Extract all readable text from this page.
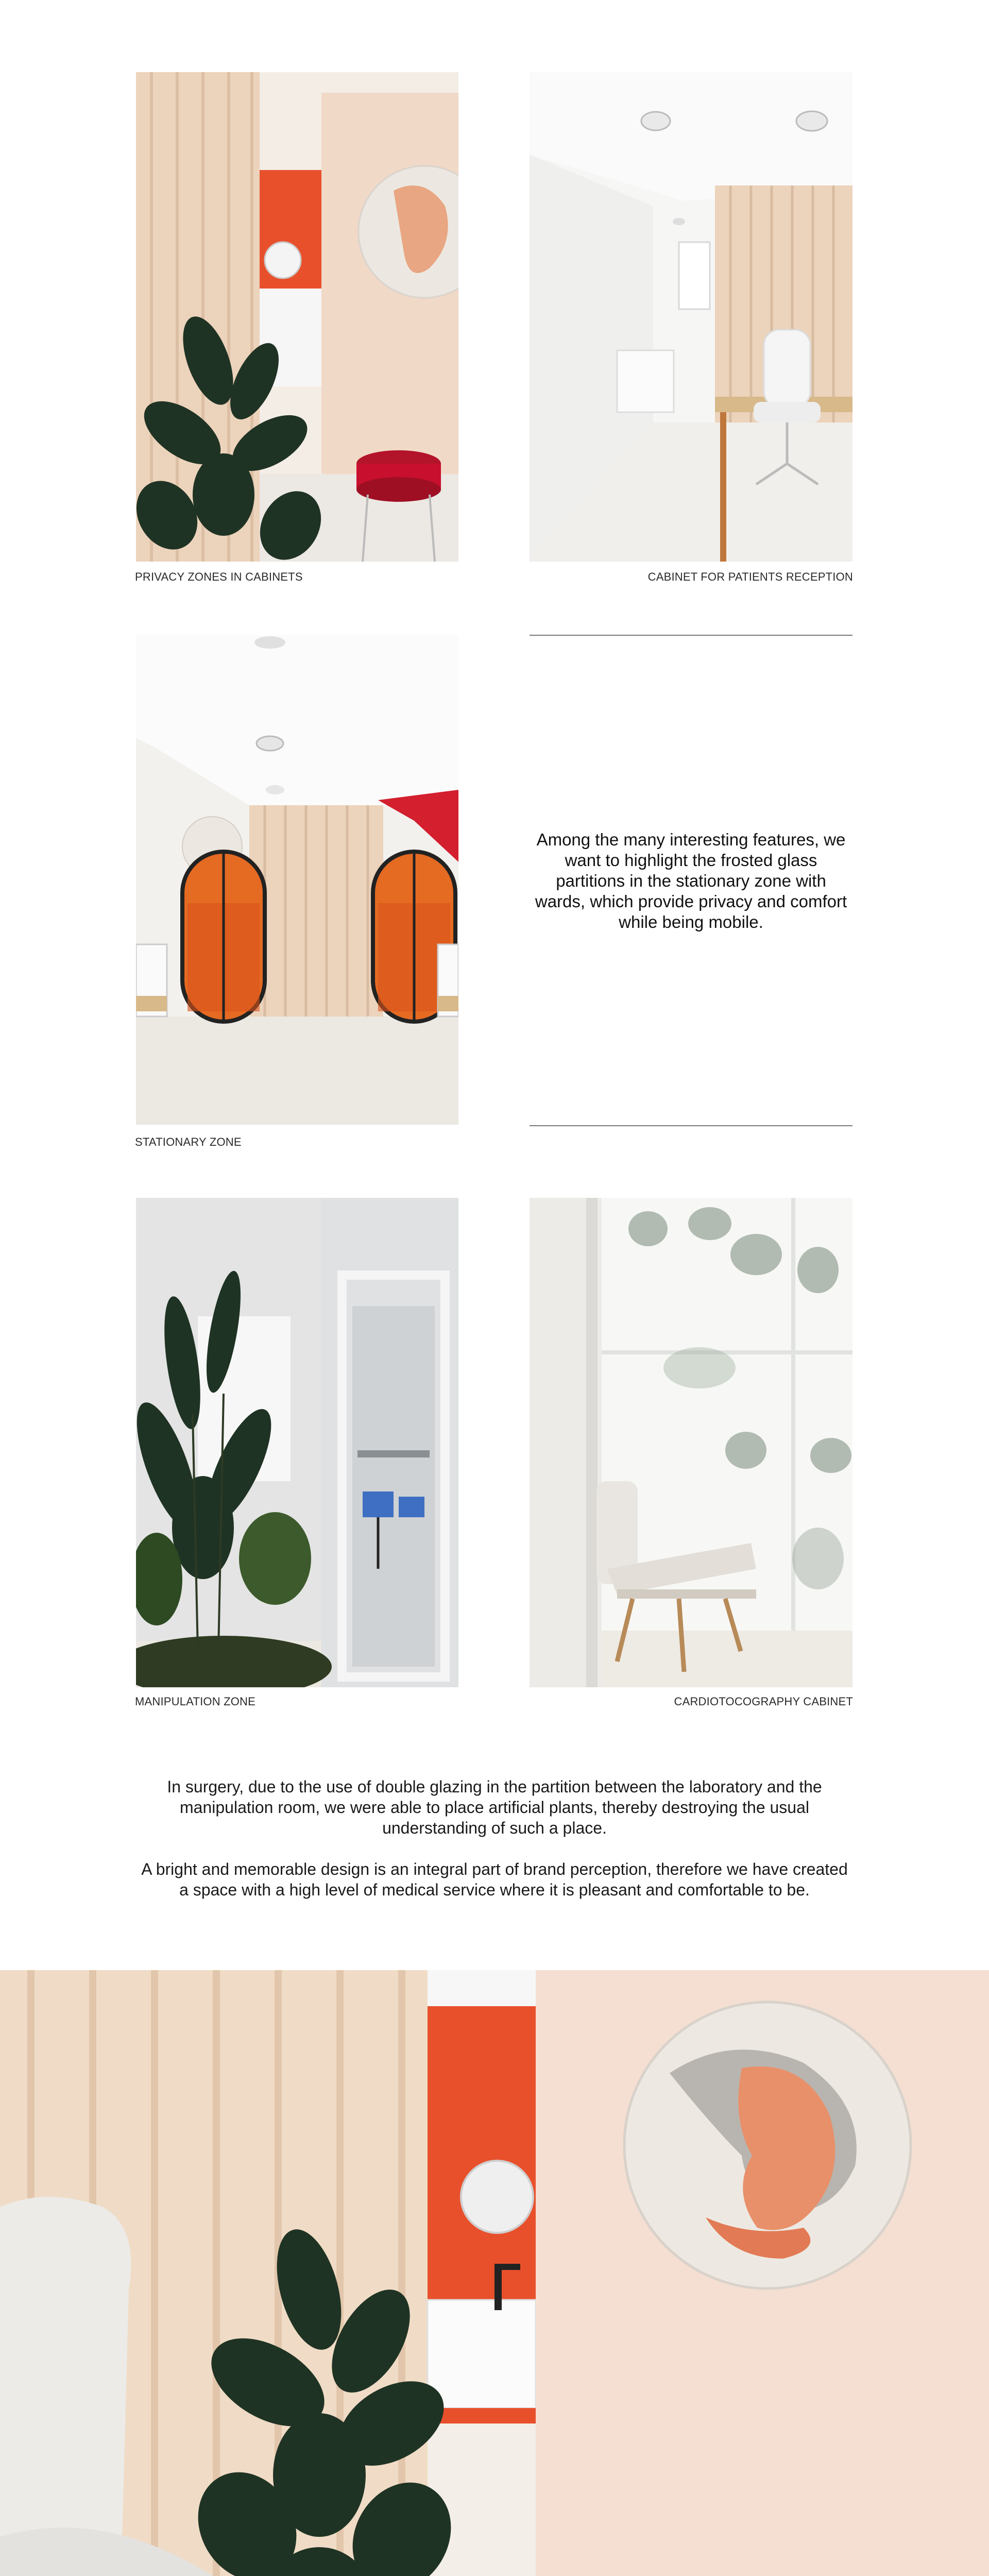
PRIVACY ZONES IN CABINETS	CABINET FOR PATIENTS RECEPTION
STATIONARY ZONE
Among the many interesting features, we want to highlight the frosted glass partitions in the stationary zone with wards, which provide privacy and comfort while being mobile.
MANIPULATION ZONE	CARDIOTOCOGRAPHY CABINET
In surgery, due to the use of double glazing in the partition between the laboratory and the manipulation room, we were able to place artificial plants, thereby destroying the usual understanding of such a place.
A bright and memorable design is an integral part of brand perception, therefore we have created a space with a high level of medical service where it is pleasant and comfortable to be.
